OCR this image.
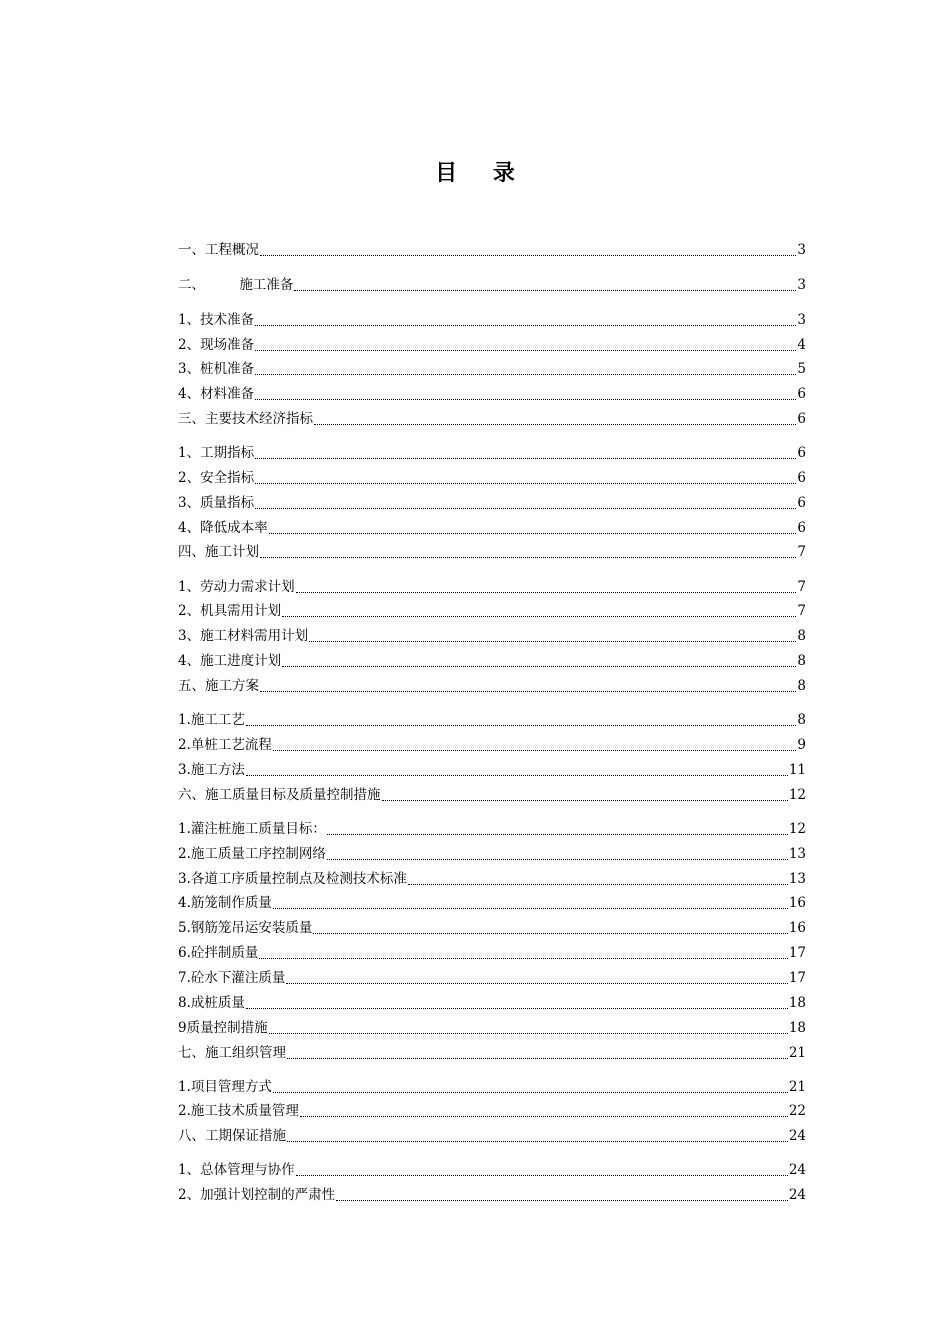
目 录
一、工程概况	3
二、        施工准备	3
1、技术准备	3
2、现场准备	4
3、桩机准备	5
4、材料准备	6
三、主要技术经济指标	6
1、工期指标	6
2、安全指标	6
3、质量指标	6
4、降低成本率	6
四、施工计划	7
1、劳动力需求计划	7
2、机具需用计划	7
3、施工材料需用计划	8
4、施工进度计划	8
五、施工方案	8
1.施工工艺	8
2.单桩工艺流程	9
3.施工方法	11
六、施工质量目标及质量控制措施	12
1.灌注桩施工质量目标：	12
2.施工质量工序控制网络	13
3.各道工序质量控制点及检测技术标准	13
4.筋笼制作质量	16
5.钢筋笼吊运安装质量	16
6.砼拌制质量	17
7.砼水下灌注质量	17
8.成桩质量	18
9质量控制措施	18
七、施工组织管理	21
1.项目管理方式	21
2.施工技术质量管理	22
八、工期保证措施	24
1、总体管理与协作	24
2、加强计划控制的严肃性	24
